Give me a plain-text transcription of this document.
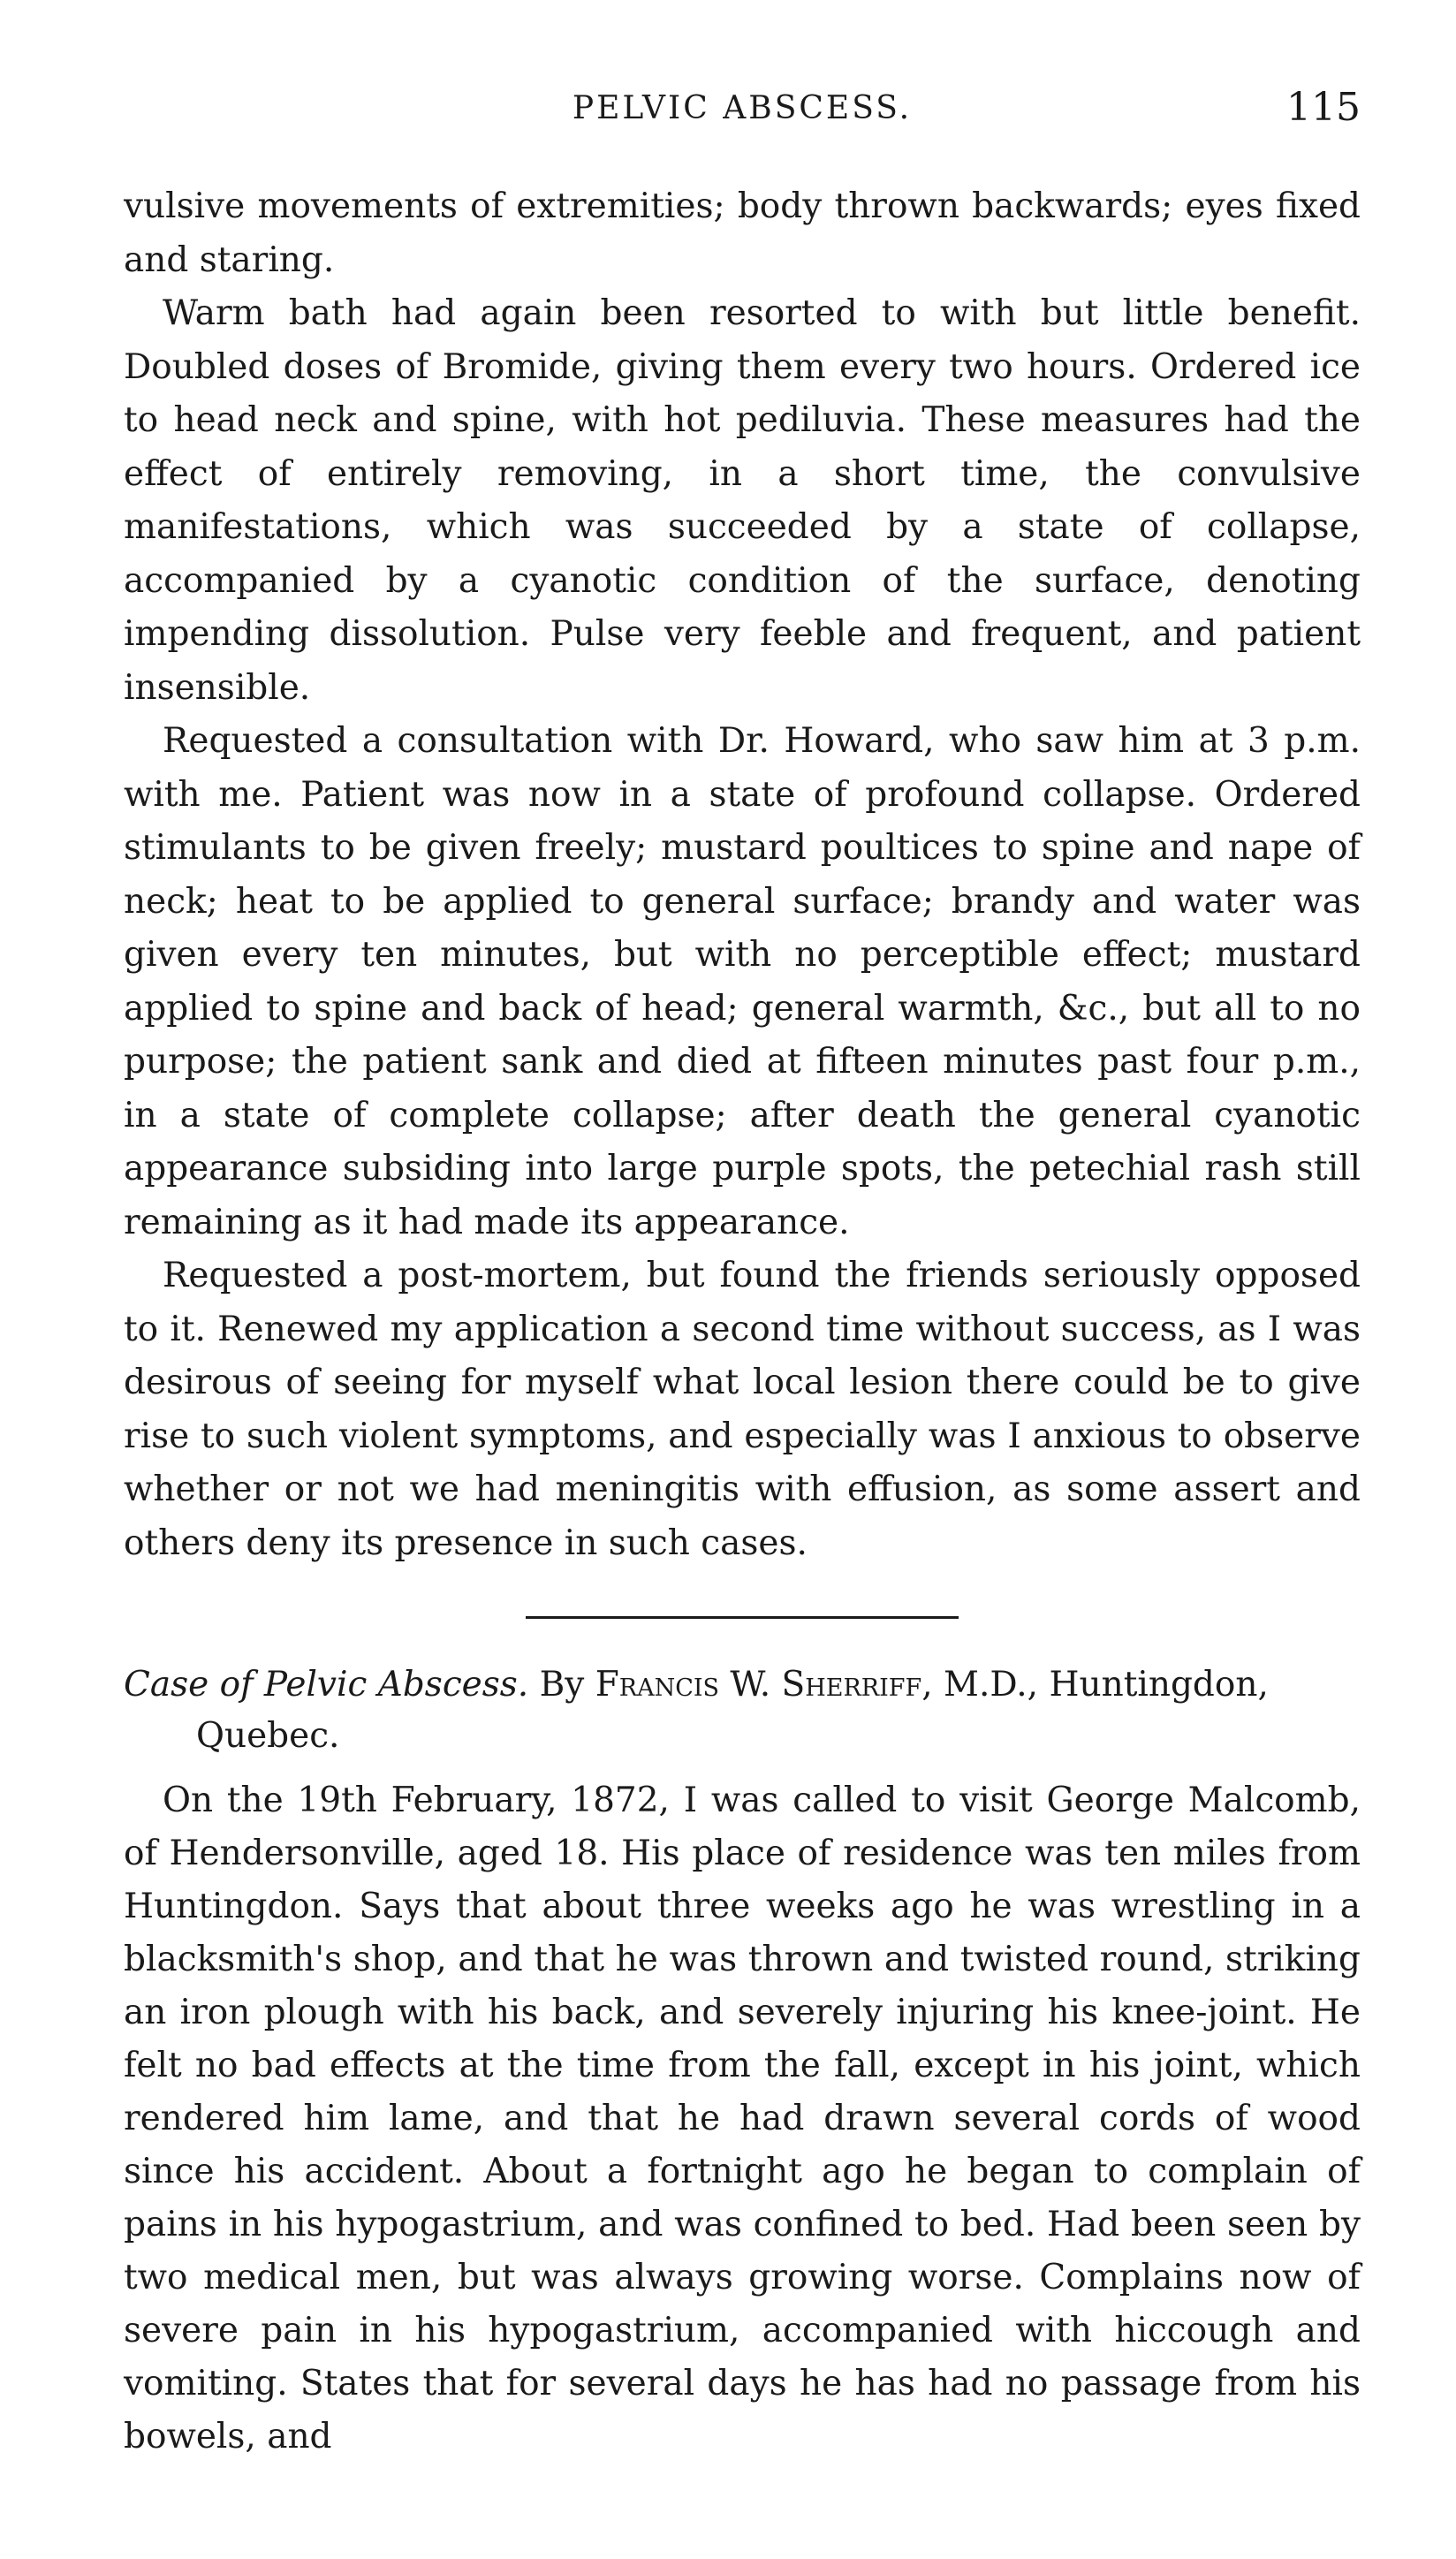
PELVIC ABSCESS.	115

vulsive movements of extremities; body thrown backwards; eyes fixed and staring.

Warm bath had again been resorted to with but little benefit. Doubled doses of Bromide, giving them every two hours. Ordered ice to head neck and spine, with hot pediluvia. These measures had the effect of entirely removing, in a short time, the convulsive manifestations, which was succeeded by a state of collapse, accompanied by a cyanotic condition of the surface, denoting impending dissolution. Pulse very feeble and frequent, and patient insensible.

Requested a consultation with Dr. Howard, who saw him at 3 p.m. with me. Patient was now in a state of profound collapse. Ordered stimulants to be given freely; mustard poultices to spine and nape of neck; heat to be applied to general surface; brandy and water was given every ten minutes, but with no perceptible effect; mustard applied to spine and back of head; general warmth, &c., but all to no purpose; the patient sank and died at fifteen minutes past four p.m., in a state of complete collapse; after death the general cyanotic appearance subsiding into large purple spots, the petechial rash still remaining as it had made its appearance.

Requested a post-mortem, but found the friends seriously opposed to it. Renewed my application a second time without success, as I was desirous of seeing for myself what local lesion there could be to give rise to such violent symptoms, and especially was I anxious to observe whether or not we had meningitis with effusion, as some assert and others deny its presence in such cases.

Case of Pelvic Abscess. By Francis W. Sherriff, M.D., Huntingdon, Quebec.

On the 19th February, 1872, I was called to visit George Malcomb, of Hendersonville, aged 18. His place of residence was ten miles from Huntingdon. Says that about three weeks ago he was wrestling in a blacksmith's shop, and that he was thrown and twisted round, striking an iron plough with his back, and severely injuring his knee-joint. He felt no bad effects at the time from the fall, except in his joint, which rendered him lame, and that he had drawn several cords of wood since his accident. About a fortnight ago he began to complain of pains in his hypogastrium, and was confined to bed. Had been seen by two medical men, but was always growing worse. Complains now of severe pain in his hypogastrium, accompanied with hiccough and vomiting. States that for several days he has had no passage from his bowels, and
